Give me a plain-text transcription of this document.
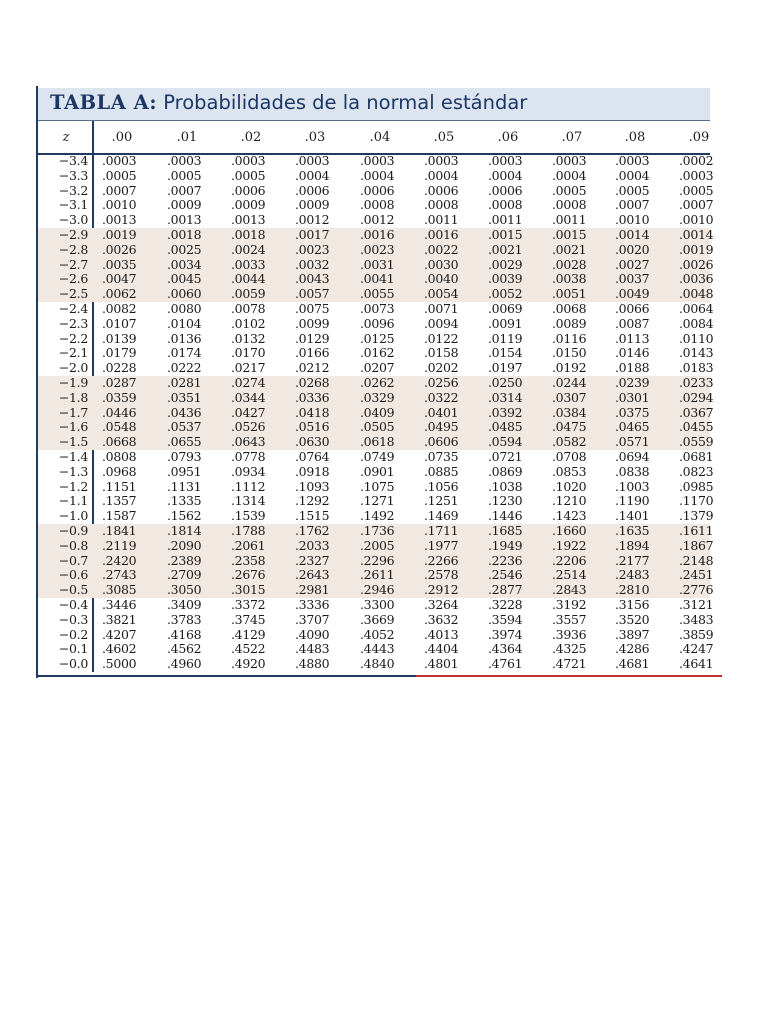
TABLA A: Probabilidades de la normal estándar
z	.00	.01	.02	.03	.04	.05	.06	.07	.08	.09
−3.4 .0003 .0003 .0003 .0003 .0003 .0003 .0003 .0003 .0003 .0002
−3.3 .0005 .0005 .0005 .0004 .0004 .0004 .0004 .0004 .0004 .0003
−3.2 .0007 .0007 .0006 .0006 .0006 .0006 .0006 .0005 .0005 .0005
−3.1 .0010 .0009 .0009 .0009 .0008 .0008 .0008 .0008 .0007 .0007
−3.0 .0013 .0013 .0013 .0012 .0012 .0011 .0011 .0011 .0010 .0010
−2.9 .0019 .0018 .0018 .0017 .0016 .0016 .0015 .0015 .0014 .0014
−2.8 .0026 .0025 .0024 .0023 .0023 .0022 .0021 .0021 .0020 .0019
−2.7 .0035 .0034 .0033 .0032 .0031 .0030 .0029 .0028 .0027 .0026
−2.6 .0047 .0045 .0044 .0043 .0041 .0040 .0039 .0038 .0037 .0036
−2.5 .0062 .0060 .0059 .0057 .0055 .0054 .0052 .0051 .0049 .0048
−2.4 .0082 .0080 .0078 .0075 .0073 .0071 .0069 .0068 .0066 .0064
−2.3 .0107 .0104 .0102 .0099 .0096 .0094 .0091 .0089 .0087 .0084
−2.2 .0139 .0136 .0132 .0129 .0125 .0122 .0119 .0116 .0113 .0110
−2.1 .0179 .0174 .0170 .0166 .0162 .0158 .0154 .0150 .0146 .0143
−2.0 .0228 .0222 .0217 .0212 .0207 .0202 .0197 .0192 .0188 .0183
−1.9 .0287 .0281 .0274 .0268 .0262 .0256 .0250 .0244 .0239 .0233
−1.8 .0359 .0351 .0344 .0336 .0329 .0322 .0314 .0307 .0301 .0294
−1.7 .0446 .0436 .0427 .0418 .0409 .0401 .0392 .0384 .0375 .0367
−1.6 .0548 .0537 .0526 .0516 .0505 .0495 .0485 .0475 .0465 .0455
−1.5 .0668 .0655 .0643 .0630 .0618 .0606 .0594 .0582 .0571 .0559
−1.4 .0808 .0793 .0778 .0764 .0749 .0735 .0721 .0708 .0694 .0681
−1.3 .0968 .0951 .0934 .0918 .0901 .0885 .0869 .0853 .0838 .0823
−1.2 .1151 .1131 .1112 .1093 .1075 .1056 .1038 .1020 .1003 .0985
−1.1 .1357 .1335 .1314 .1292 .1271 .1251 .1230 .1210 .1190 .1170
−1.0 .1587 .1562 .1539 .1515 .1492 .1469 .1446 .1423 .1401 .1379
−0.9 .1841 .1814 .1788 .1762 .1736 .1711 .1685 .1660 .1635 .1611
−0.8 .2119 .2090 .2061 .2033 .2005 .1977 .1949 .1922 .1894 .1867
−0.7 .2420 .2389 .2358 .2327 .2296 .2266 .2236 .2206 .2177 .2148
−0.6 .2743 .2709 .2676 .2643 .2611 .2578 .2546 .2514 .2483 .2451
−0.5 .3085 .3050 .3015 .2981 .2946 .2912 .2877 .2843 .2810 .2776
−0.4 .3446 .3409 .3372 .3336 .3300 .3264 .3228 .3192 .3156 .3121
−0.3 .3821 .3783 .3745 .3707 .3669 .3632 .3594 .3557 .3520 .3483
−0.2 .4207 .4168 .4129 .4090 .4052 .4013 .3974 .3936 .3897 .3859
−0.1 .4602 .4562 .4522 .4483 .4443 .4404 .4364 .4325 .4286 .4247
−0.0 .5000 .4960 .4920 .4880 .4840 .4801 .4761 .4721 .4681 .4641
